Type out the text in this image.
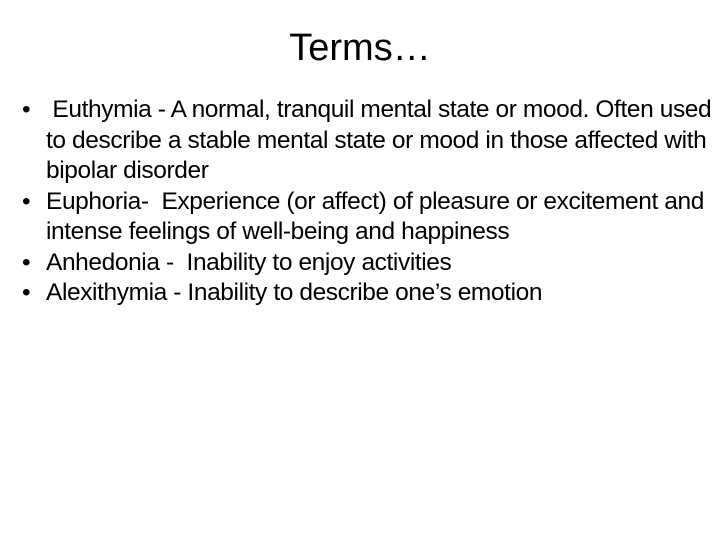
Terms…
• Euthymia - A normal, tranquil mental state or mood. Often used to describe a stable mental state or mood in those affected with bipolar disorder
• Euphoria-  Experience (or affect) of pleasure or excitement and intense feelings of well-being and happiness
• Anhedonia -  Inability to enjoy activities
• Alexithymia - Inability to describe one’s emotion
